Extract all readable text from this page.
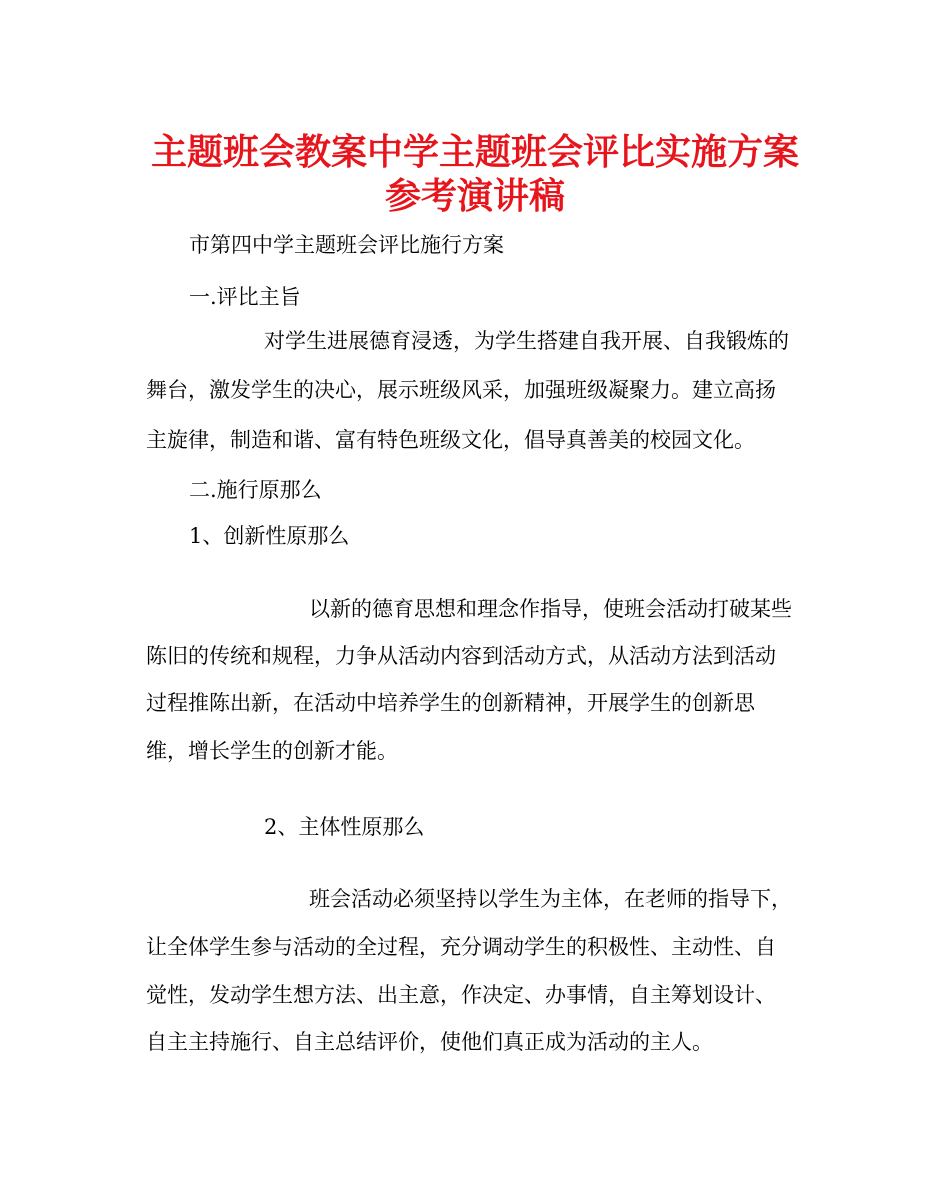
主题班会教案中学主题班会评比实施方案
参考演讲稿
市第四中学主题班会评比施行方案
一.评比主旨
对学生进展德育浸透，为学生搭建自我开展、自我锻炼的
舞台，激发学生的决心，展示班级风采，加强班级凝聚力。建立高扬
主旋律，制造和谐、富有特色班级文化，倡导真善美的校园文化。
二.施行原那么
1、创新性原那么
以新的德育思想和理念作指导，使班会活动打破某些
陈旧的传统和规程，力争从活动内容到活动方式，从活动方法到活动
过程推陈出新，在活动中培养学生的创新精神，开展学生的创新思
维，增长学生的创新才能。
2、主体性原那么
班会活动必须坚持以学生为主体，在老师的指导下，
让全体学生参与活动的全过程，充分调动学生的积极性、主动性、自
觉性，发动学生想方法、出主意，作决定、办事情，自主筹划设计、
自主主持施行、自主总结评价，使他们真正成为活动的主人。
